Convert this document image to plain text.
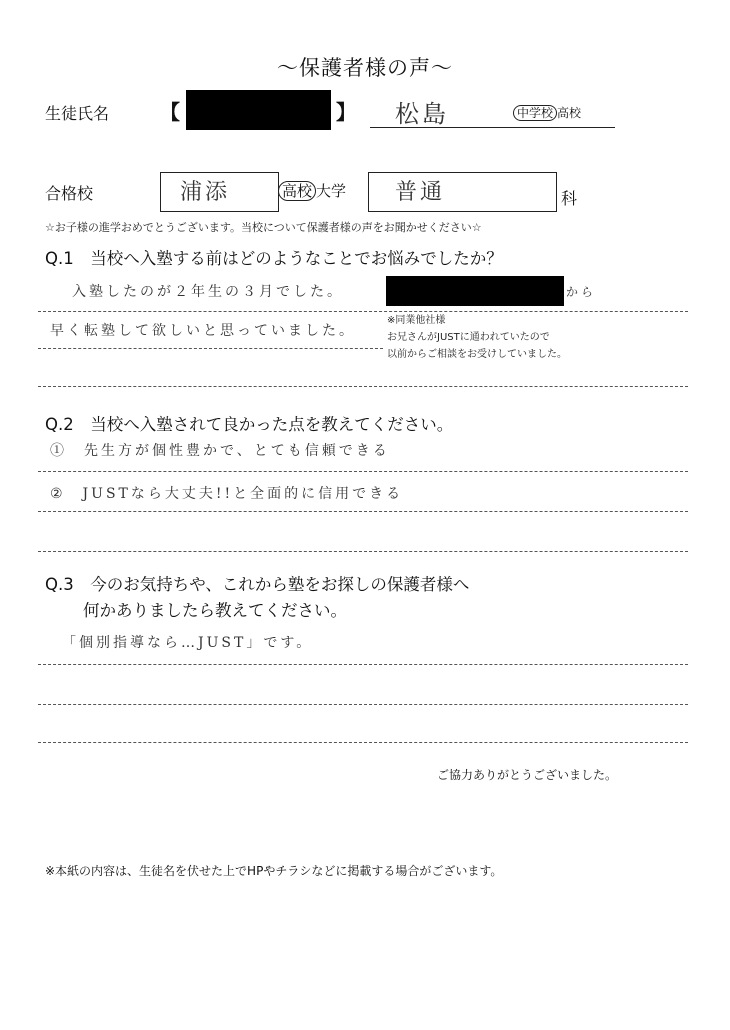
〜保護者様の声〜
生徒氏名	【	】 松島	中学校 高校
合格校	浦添	高校 大学 普通	科
☆お子様の進学おめでとうございます。当校について保護者様の声をお聞かせください☆
Q.1　当校へ入塾する前はどのようなことでお悩みでしたか？
入塾したのが２年生の３月でした。	から
早く転塾して欲しいと思っていました。
※同業他社様
お兄さんがJUSTに通われていたので
以前からご相談をお受けしていました。
Q.2　当校へ入塾されて良かった点を教えてください。
①　先生方が個性豊かで、とても信頼できる
②　JUSTなら大丈夫!!と全面的に信用できる
Q.3　今のお気持ちや、これから塾をお探しの保護者様へ
何かありましたら教えてください。
「個別指導なら…JUST」です。
ご協力ありがとうございました。
※本紙の内容は、生徒名を伏せた上でHPやチラシなどに掲載する場合がございます。
